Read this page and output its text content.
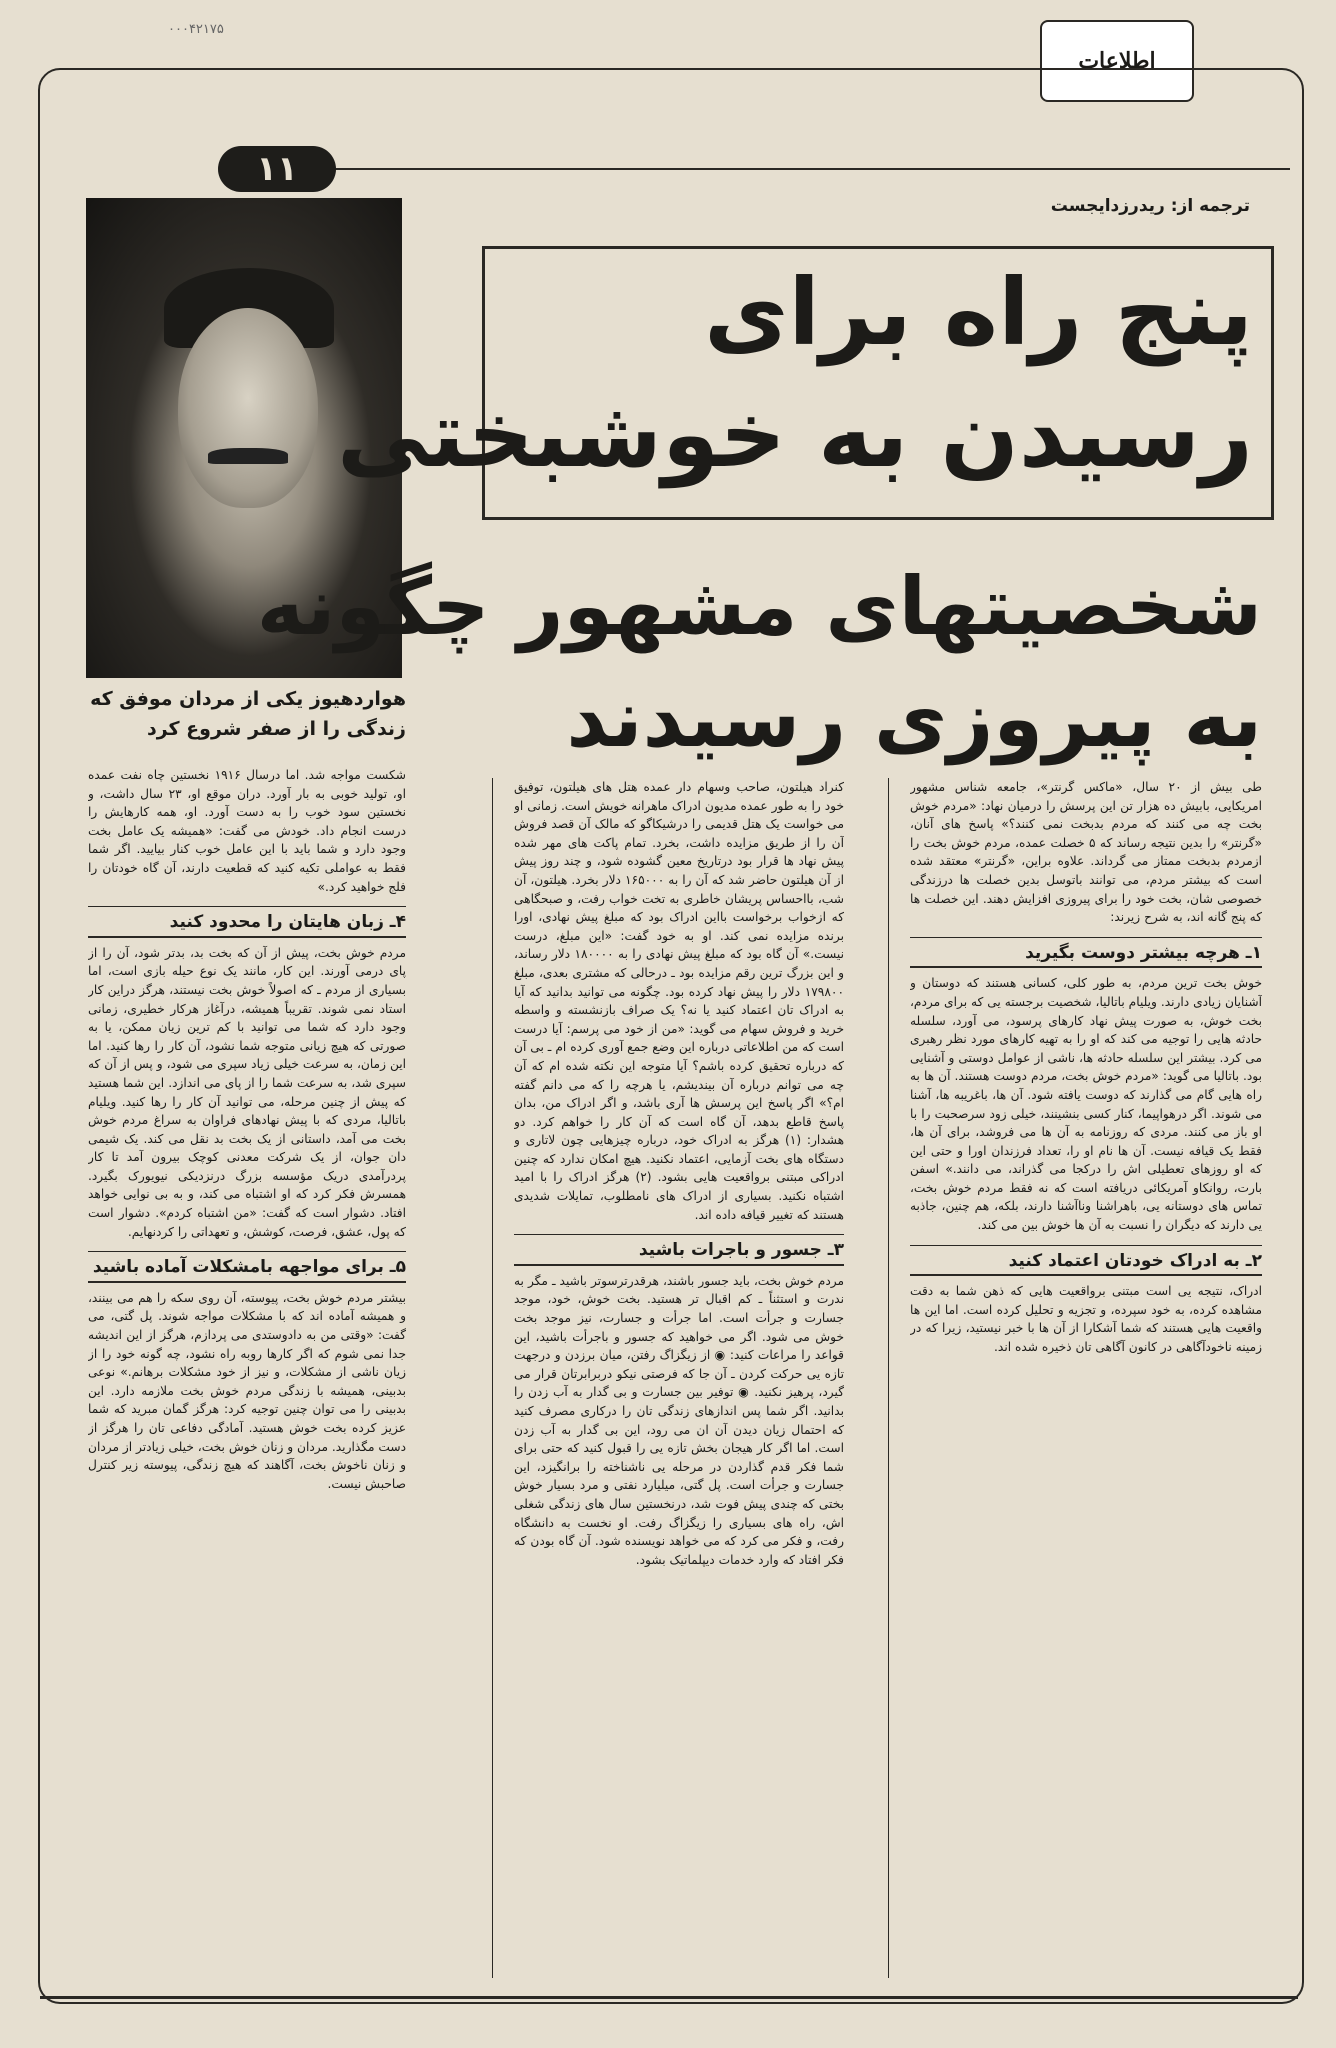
۰۰۰۴۲۱۷۵
اطلاعات
۱۱
هواردهیوز یکی از مردان موفق که زندگی را از صفر شروع کرد
ترجمه از: ریدرزدایجست
پنج راه برای
رسیدن به خوشبختی
شخصیتهای مشهور چگونه
به پیروزی رسیدند

طی بیش از ۲۰ سال، «ماکس گرنتر»، جامعه شناس مشهور امریکایی، بابیش ده هزار تن این پرسش را درمیان نهاد: «مردم خوش بخت چه می کنند که مردم بدبخت نمی کنند؟» پاسخ های آنان، «گرنتر» را بدین نتیجه رساند که ۵ خصلت عمده، مردم خوش بخت را ازمردم بدبخت ممتاز می گرداند. علاوه براین، «گرنتر» معتقد شده است که بیشتر مردم، می توانند باتوسل بدین خصلت ها درزندگی خصوصی شان، بخت خود را برای پیروزی افزایش دهند. این خصلت ها که پنج گانه اند، به شرح زیرند:

۱ـ هرچه بیشتر دوست بگیرید

خوش بخت ترین مردم، به طور کلی، کسانی هستند که دوستان و آشنایان زیادی دارند. ویلیام باتالیا، شخصیت برجسته یی که برای مردم، بخت خوش، به صورت پیش نهاد کارهای پرسود، می آورد، سلسله حادثه هایی را توجیه می کند که او را به تهیه کارهای مورد نظر رهبری می کرد. بیشتر این سلسله حادثه ها، ناشی از عوامل دوستی و آشنایی بود. باتالیا می گوید: «مردم خوش بخت، مردم دوست هستند. آن ها به راه هایی گام می گذارند که دوست یافته شود. آن ها، باغریبه ها، آشنا می شوند. اگر درهواپیما، کنار کسی بنشینند، خیلی زود سرصحبت را با او باز می کنند. مردی که روزنامه به آن ها می فروشد، برای آن ها، فقط یک قیافه نیست. آن ها نام او را، تعداد فرزندان اورا و حتی این که او روزهای تعطیلی اش را درکجا می گذراند، می دانند.» اسفن بارت، روانکاو آمریکائی دریافته است که نه فقط مردم خوش بخت، تماس های دوستانه یی، باهراشنا وناآشنا دارند، بلکه، هم چنین، جاذبه یی دارند که دیگران را نسبت به آن ها خوش بین می کند.

۲ـ به ادراک خودتان اعتماد کنید

ادراک، نتیجه یی است مبتنی برواقعیت هایی که ذهن شما به دقت مشاهده کرده، به خود سپرده، و تجزیه و تحلیل کرده است. اما این ها واقعیت هایی هستند که شما آشکارا از آن ها با خبر نیستید، زیرا که در زمینه ناخودآگاهی در کانون آگاهی تان ذخیره شده اند.

کنراد هیلتون، صاحب وسهام دار عمده هتل های هیلتون، توفیق خود را به طور عمده مدیون ادراک ماهرانه خویش است. زمانی او می خواست یک هتل قدیمی را درشیکاگو که مالک آن قصد فروش آن را از طریق مزایده داشت، بخرد. تمام پاکت های مهر شده پیش نهاد ها قرار بود درتاریخ معین گشوده شود، و چند روز پیش از آن هیلتون حاضر شد که آن را به ۱۶۵۰۰۰ دلار بخرد. هیلتون، آن شب، بااحساس پریشان خاطری به تخت خواب رفت، و صبحگاهی که ازخواب برخواست بااین ادراک بود که مبلغ پیش نهادی، اورا برنده مزایده نمی کند. او به خود گفت: «این مبلغ، درست نیست.» آن گاه بود که مبلغ پیش نهادی را به ۱۸۰۰۰۰ دلار رساند، و این بزرگ ترین رقم مزایده بود ـ درحالی که مشتری بعدی، مبلغ ۱۷۹۸۰۰ دلار را پیش نهاد کرده بود. چگونه می توانید بدانید که آیا به ادراک تان اعتماد کنید یا نه؟ یک صراف بازنشسته و واسطه خرید و فروش سهام می گوید: «من از خود می پرسم: آیا درست است که من اطلاعاتی درباره این وضع جمع آوری کرده ام ـ بی آن که درباره تحقیق کرده باشم؟ آیا متوجه این نکته شده ام که آن چه می توانم درباره آن بیندیشم، یا هرچه را که می دانم گفته ام؟» اگر پاسخ این پرسش ها آری باشد، و اگر ادراک من، بدان پاسخ قاطع بدهد، آن گاه است که آن کار را خواهم کرد. دو هشدار: (۱) هرگز به ادراک خود، درباره چیزهایی چون لاتاری و دستگاه های بخت آزمایی، اعتماد نکنید. هیچ امکان ندارد که چنین ادراکی مبتنی برواقعیت هایی بشود. (۲) هرگز ادراک را با امید اشتباه نکنید. بسیاری از ادراک های نامطلوب، تمایلات شدیدی هستند که تغییر قیافه داده اند.

۳ـ جسور و باجرات باشید

مردم خوش بخت، باید جسور باشند، هرقدرترسوتر باشید ـ مگر به ندرت و استثناً ـ کم اقبال تر هستید. بخت خوش، خود، موجد جسارت و جرأت است. اما جرأت و جسارت، نیز موجد بخت خوش می شود. اگر می خواهید که جسور و باجرأت باشید، این قواعد را مراعات کنید: ◉ از زیگزاگ رفتن، میان برزدن و درجهت تازه یی حرکت کردن ـ آن جا که فرصتی نیکو دربرابرتان قرار می گیرد، پرهیز نکنید. ◉ توفیر بین جسارت و بی گدار به آب زدن را بدانید. اگر شما پس اندازهای زندگی تان را درکاری مصرف کنید که احتمال زیان دیدن آن ان می رود، این بی گدار به آب زدن است. اما اگر کار هیجان بخش تازه یی را قبول کنید که حتی برای شما فکر قدم گذاردن در مرحله یی ناشناخته را برانگیزد، این جسارت و جرأت است. پل گتی، میلیارد نفتی و مرد بسیار خوش بختی که چندی پیش فوت شد، درنخستین سال های زندگی شغلی اش، راه های بسیاری را زیگزاگ رفت. او نخست به دانشگاه رفت، و فکر می کرد که می خواهد نویسنده شود. آن گاه بودن که فکر افتاد که وارد خدمات دیپلماتیک بشود.

شکست مواجه شد. اما درسال ۱۹۱۶ نخستین چاه نفت عمده او، تولید خوبی به بار آورد. دران موقع او، ۲۳ سال داشت، و نخستین سود خوب را به دست آورد. او، همه کارهایش را درست انجام داد. خودش می گفت: «همیشه یک عامل بخت وجود دارد و شما باید با این عامل خوب کنار بیایید. اگر شما فقط به عواملی تکیه کنید که قطعیت دارند، آن گاه خودتان را فلج خواهید کرد.»

۴ـ زبان هایتان را محدود کنید

مردم خوش بخت، پیش از آن که بخت بد، بدتر شود، آن را از پای درمی آورند. این کار، مانند یک نوع حیله بازی است، اما بسیاری از مردم ـ که اصولاً خوش بخت نیستند، هرگز دراین کار استاد نمی شوند. تقریباً همیشه، درآغاز هرکار خطیری، زمانی وجود دارد که شما می توانید با کم ترین زیان ممکن، یا به صورتی که هیچ زیانی متوجه شما نشود، آن کار را رها کنید. اما این زمان، به سرعت خیلی زیاد سپری می شود، و پس از آن که سپری شد، به سرعت شما را از پای می اندازد. این شما هستید که پیش از چنین مرحله، می توانید آن کار را رها کنید. ویلیام باتالیا، مردی که با پیش نهادهای فراوان به سراغ مردم خوش بخت می آمد، داستانی از یک بخت بد نقل می کند. یک شیمی دان جوان، از یک شرکت معدنی کوچک بیرون آمد تا کار پردرآمدی دریک مؤسسه بزرگ درنزدیکی نیویورک بگیرد. همسرش فکر کرد که او اشتباه می کند، و به بی نوایی خواهد افتاد. دشوار است که گفت: «من اشتباه کردم». دشوار است که پول، عشق، فرصت، کوشش، و تعهداتی را کردنهایم.

۵ـ برای مواجهه بامشکلات آماده باشید

بیشتر مردم خوش بخت، پیوسته، آن روی سکه را هم می بینند، و همیشه آماده اند که با مشکلات مواجه شوند. پل گتی، می گفت: «وقتی من به دادوستدی می پردازم، هرگز از این اندیشه جدا نمی شوم که اگر کارها روبه راه نشود، چه گونه خود را از زیان ناشی از مشکلات، و نیز از خود مشکلات برهانم.» نوعی بدبینی، همیشه با زندگی مردم خوش بخت ملازمه دارد. این بدبینی را می توان چنین توجیه کرد: هرگز گمان مبرید که شما عزیز کرده بخت خوش هستید. آمادگی دفاعی تان را هرگز از دست مگذارید. مردان و زنان خوش بخت، خیلی زیادتر از مردان و زنان ناخوش بخت، آگاهند که هیچ زندگی، پیوسته زیر کنترل صاحبش نیست.
